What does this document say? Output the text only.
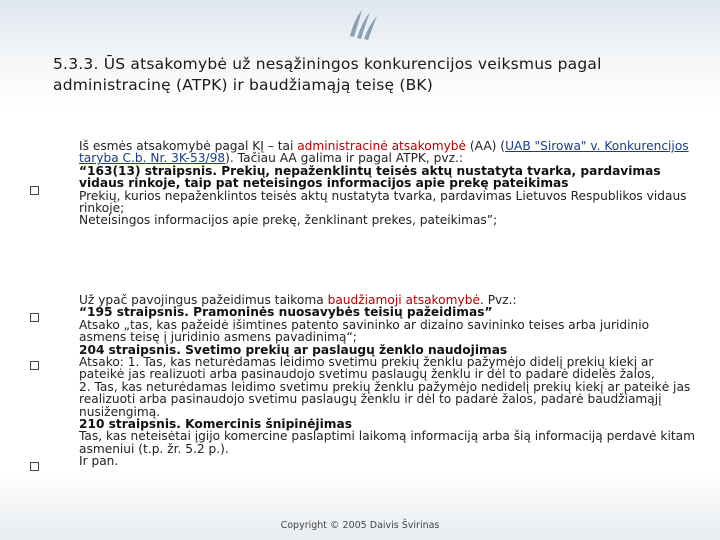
5.3.3. ŪS atsakomybė už nesąžiningos konkurencijos veiksmus pagal administracinę (ATPK) ir baudžiamąją teisę (BK)

Iš esmės atsakomybė pagal KĮ – tai administracinė atsakomybė (AA) (UAB "Sirowa" v. Konkurencijos taryba C.b. Nr. 3K-53/98). Tačiau AA galima ir pagal ATPK, pvz.:

“163(13) straipsnis. Prekių, nepaženklintų teisės aktų nustatyta tvarka, pardavimas vidaus rinkoje, taip pat neteisingos informacijos apie prekę pateikimas

Prekių, kurios nepaženklintos teisės aktų nustatyta tvarka, pardavimas Lietuvos Respublikos vidaus rinkoje;

Neteisingos informacijos apie prekę, ženklinant prekes, pateikimas”;

Už ypač pavojingus pažeidimus taikoma baudžiamoji atsakomybė. Pvz.:

“195 straipsnis. Pramoninės nuosavybės teisių pažeidimas”

Atsako „tas, kas pažeidė išimtines patento savininko ar dizaino savininko teises arba juridinio asmens teisę į juridinio asmens pavadinimą“;

204 straipsnis. Svetimo prekių ar paslaugų ženklo naudojimas

Atsako: 1. Tas, kas neturėdamas leidimo svetimu prekių ženklu pažymėjo didelį prekių kiekį ar pateikė jas realizuoti arba pasinaudojo svetimu paslaugų ženklu ir dėl to padarė didelės žalos,

2. Tas, kas neturėdamas leidimo svetimu prekių ženklu pažymėjo nedidelį prekių kiekį ar pateikė jas realizuoti arba pasinaudojo svetimu paslaugų ženklu ir dėl to padarė žalos, padarė baudžiamąjį nusižengimą.

210 straipsnis. Komercinis šnipinėjimas

Tas, kas neteisėtai įgijo komercine paslaptimi laikomą informaciją arba šią informaciją perdavė kitam asmeniui (t.p. žr. 5.2 p.).

Ir pan.

Copyright © 2005 Daivis Švirinas
